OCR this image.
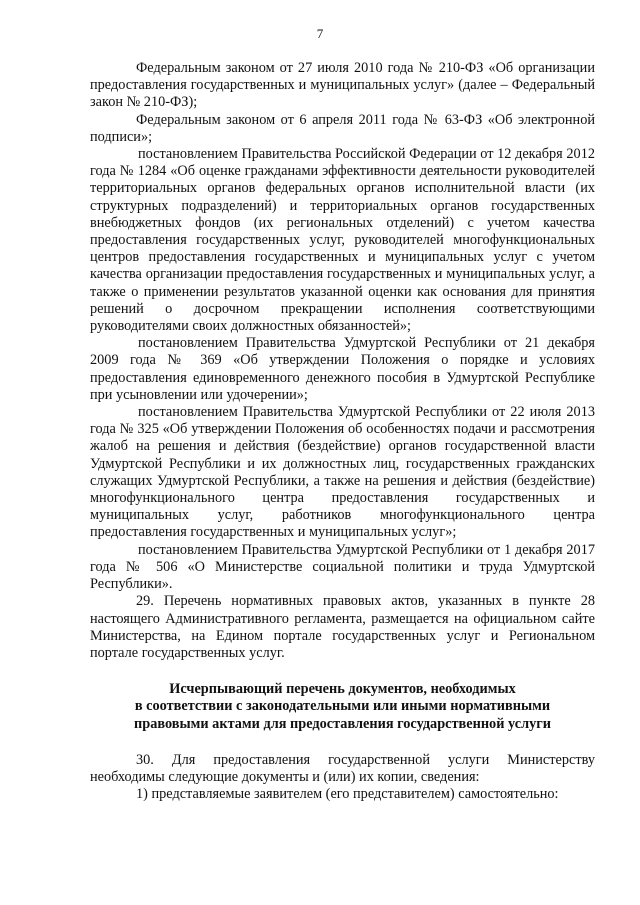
7

Федеральным законом от 27 июля 2010 года № 210-ФЗ «Об организации предоставления государственных и муниципальных услуг» (далее – Федеральный закон № 210-ФЗ);

Федеральным законом от 6 апреля 2011 года № 63-ФЗ «Об электронной подписи»;

постановлением Правительства Российской Федерации от 12 декабря 2012 года № 1284 «Об оценке гражданами эффективности деятельности руководителей территориальных органов федеральных органов исполнительной власти (их структурных подразделений) и территориальных органов государственных внебюджетных фондов (их региональных отделений) с учетом качества предоставления государственных услуг, руководителей многофункциональных центров предоставления государственных и муниципальных услуг с учетом качества организации предоставления государственных и муниципальных услуг, а также о применении результатов указанной оценки как основания для принятия решений о досрочном прекращении исполнения соответствующими руководителями своих должностных обязанностей»;

постановлением Правительства Удмуртской Республики от 21 декабря 2009 года № 369 «Об утверждении Положения о порядке и условиях предоставления единовременного денежного пособия в Удмуртской Республике при усыновлении или удочерении»;

постановлением Правительства Удмуртской Республики от 22 июля 2013 года № 325 «Об утверждении Положения об особенностях подачи и рассмотрения жалоб на решения и действия (бездействие) органов государственной власти Удмуртской Республики и их должностных лиц, государственных гражданских служащих Удмуртской Республики, а также на решения и действия (бездействие) многофункционального центра предоставления государственных и муниципальных услуг, работников многофункционального центра предоставления государственных и муниципальных услуг»;

постановлением Правительства Удмуртской Республики от 1 декабря 2017 года № 506 «О Министерстве социальной политики и труда Удмуртской Республики».

29. Перечень нормативных правовых актов, указанных в пункте 28 настоящего Административного регламента, размещается на официальном сайте Министерства, на Едином портале государственных услуг и Региональном портале государственных услуг.

Исчерпывающий перечень документов, необходимых
в соответствии с законодательными или иными нормативными
правовыми актами для предоставления государственной услуги

30. Для предоставления государственной услуги Министерству необходимы следующие документы и (или) их копии, сведения:

1) представляемые заявителем (его представителем) самостоятельно:
